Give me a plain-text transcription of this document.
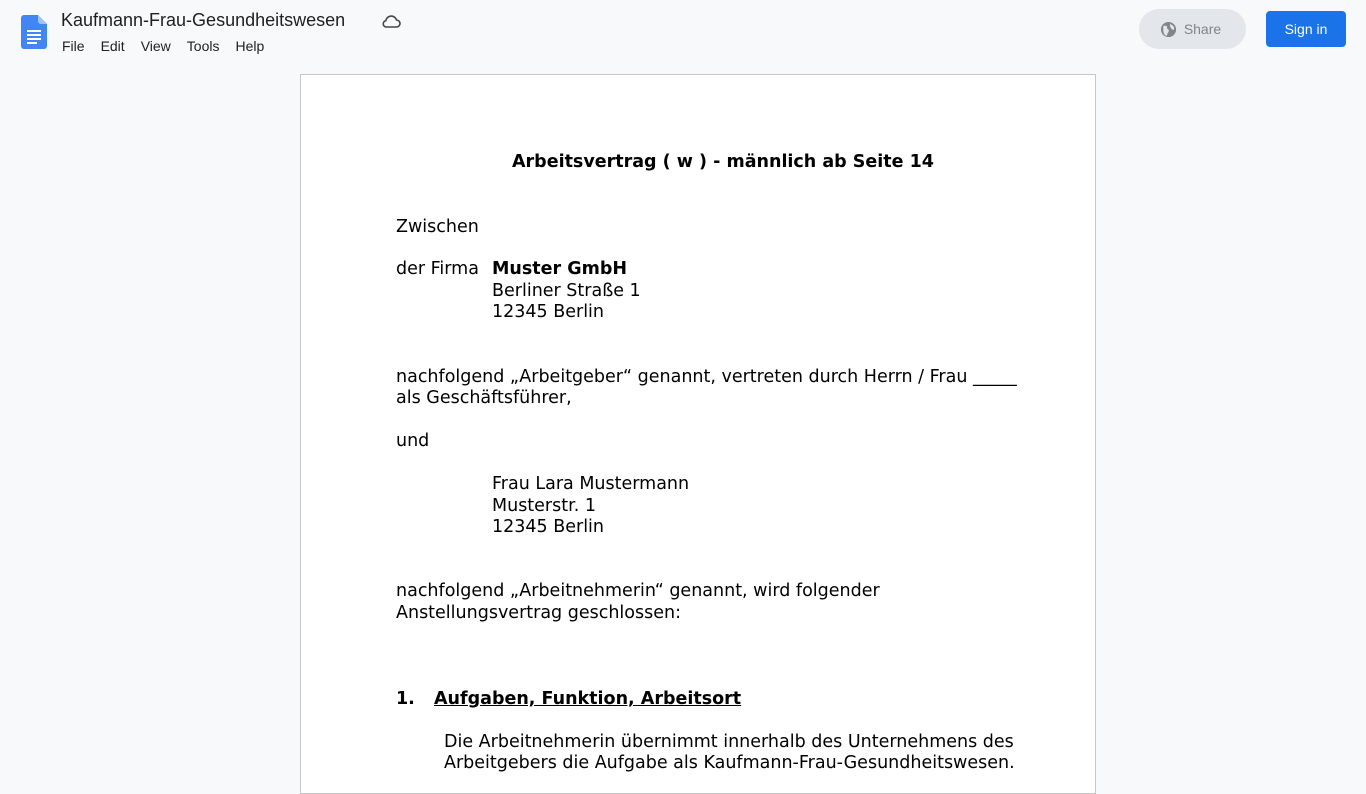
Kaufmann-Frau-Gesundheitswesen
File	Edit	View	Tools	Help
Share	Sign in
Arbeitsvertrag ( w ) - männlich ab Seite 14
Zwischen
der Firma Muster GmbH
Berliner Straße 1
12345 Berlin
nachfolgend „Arbeitgeber“ genannt, vertreten durch Herrn / Frau _____
als Geschäftsführer,
und
Frau Lara Mustermann
Musterstr. 1
12345 Berlin
nachfolgend „Arbeitnehmerin“ genannt, wird folgender
Anstellungsvertrag geschlossen:
1. Aufgaben, Funktion, Arbeitsort
Die Arbeitnehmerin übernimmt innerhalb des Unternehmens des
Arbeitgebers die Aufgabe als Kaufmann-Frau-Gesundheitswesen.
